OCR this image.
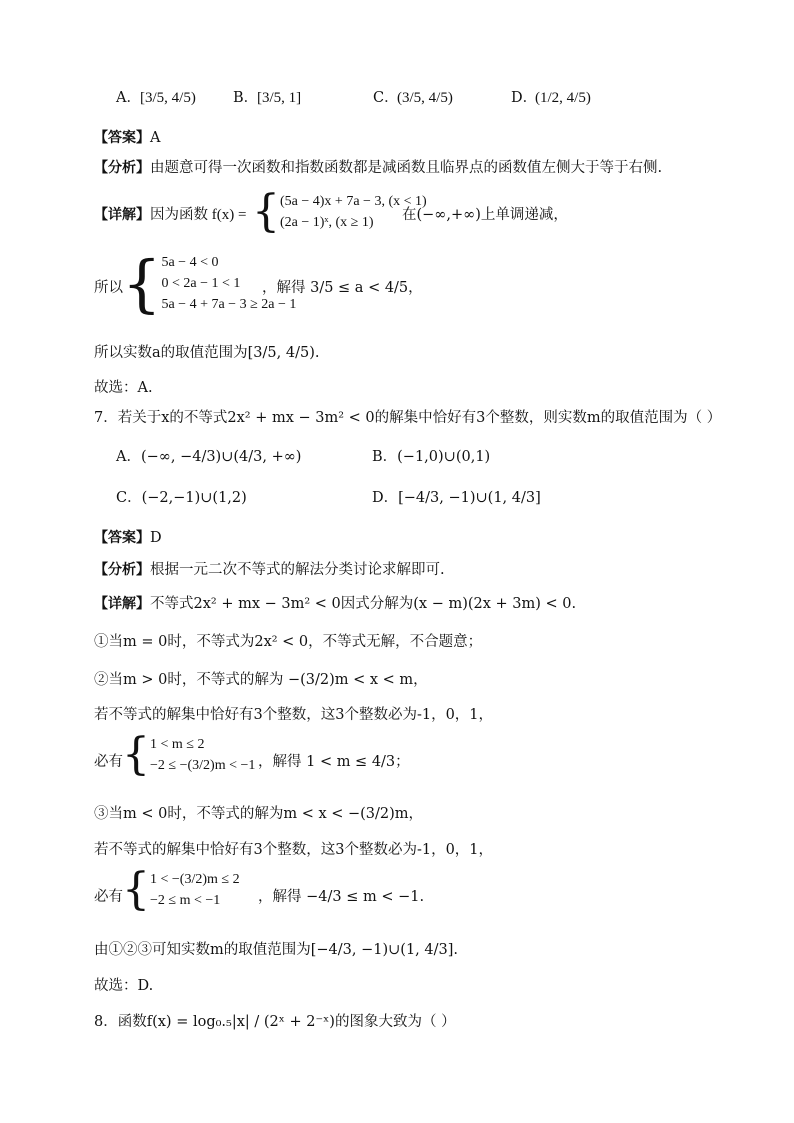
A． [3/5, 4/5)	B．
[3/5, 1]	C．
(3/5, 4/5)	D．
(1/2, 4/5)
【答案】A
【分析】由题意可得一次函数和指数函数都是减函数且临界点的函数值左侧大于等于右侧.
【详解】因为函数 f(x) = { (5a − 4)x + 7a − 3, (x < 1)
(2a − 1)ˣ, (x ≥ 1)	在(−∞,+∞)上单调递减，
所以 { 5a − 4 < 0
0 < 2a − 1 < 1
5a − 4 + 7a − 3 ≥ 2a − 1
，解得 3/5 ≤ a < 4/5，
所以实数a的取值范围为[3/5, 4/5).
故选：A.
7．若关于x的不等式2x² + mx − 3m² < 0的解集中恰好有3个整数，则实数m的取值范围为（ ）
A．(−∞, −4/3)∪(4/3, +∞)	B．(−1,0)∪(0,1)
C．(−2,−1)∪(1,2)	D．[−4/3, −1)∪(1, 4/3]
【答案】D
【分析】根据一元二次不等式的解法分类讨论求解即可.
【详解】不等式2x² + mx − 3m² < 0因式分解为(x − m)(2x + 3m) < 0.
①当m = 0时，不等式为2x² < 0，不等式无解，不合题意；
②当m > 0时，不等式的解为 −(3/2)m < x < m，
若不等式的解集中恰好有3个整数，这3个整数必为-1，0，1，
必有 { 1 < m ≤ 2
−2 ≤ −(3/2)m < −1 ，解得 1 < m ≤ 4/3；
③当m < 0时，不等式的解为m < x < −(3/2)m，
若不等式的解集中恰好有3个整数，这3个整数必为-1，0，1，
必有 { 1 < −(3/2)m ≤ 2
−2 ≤ m < −1	，解得 −4/3 ≤ m < −1.
由①②③可知实数m的取值范围为[−4/3, −1)∪(1, 4/3].
故选：D.
8．函数f(x) = log₀.₅|x| / (2ˣ + 2⁻ˣ)的图象大致为（ ）
